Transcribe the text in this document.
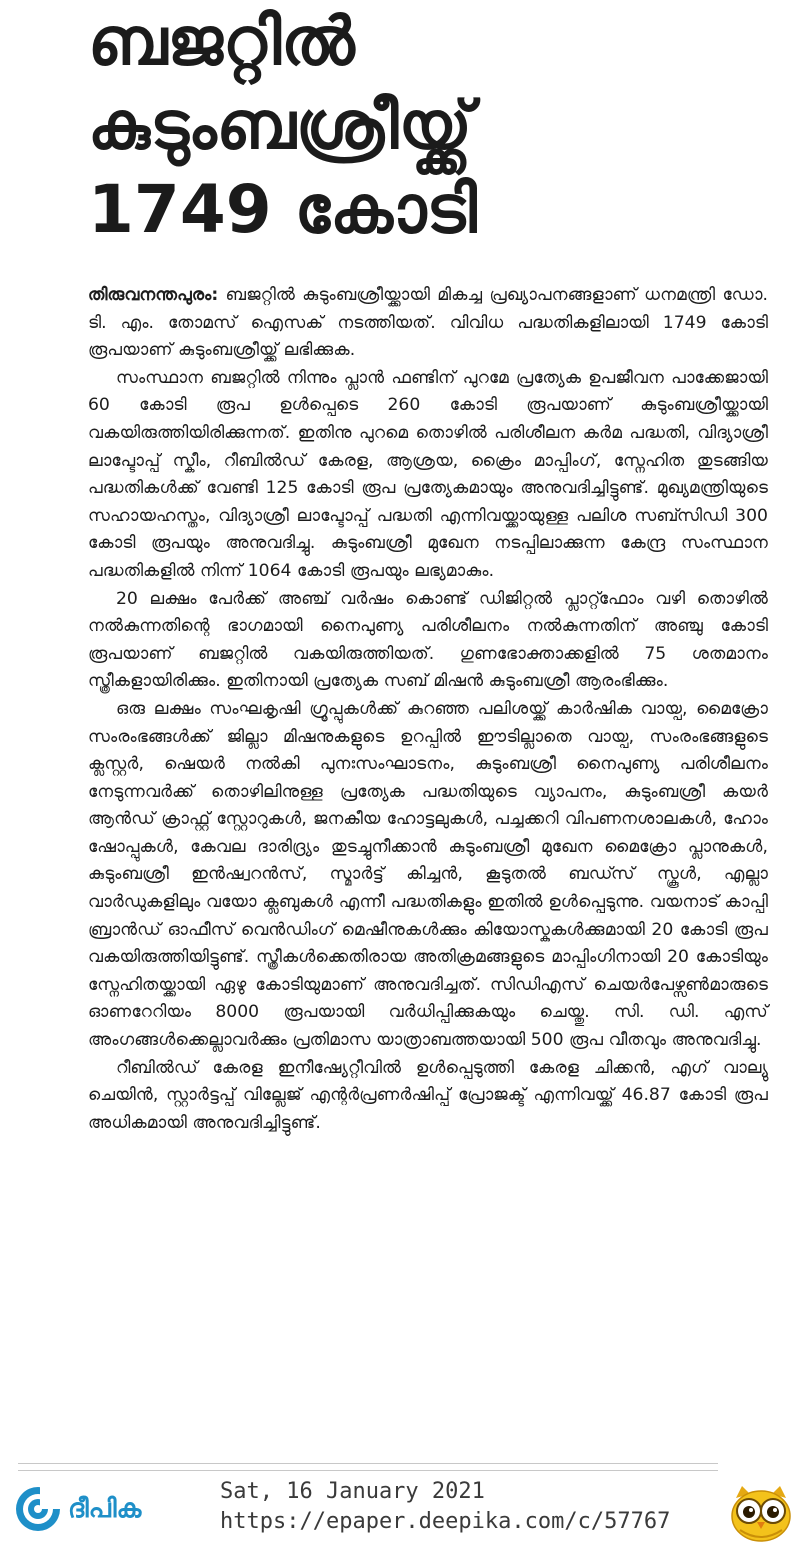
ബജറ്റിൽ
കുടുംബശ്രീയ്ക്ക്
1749 കോടി

തിരുവനന്തപുരം: ബജറ്റിൽ കുടുംബശ്രീയ്ക്കായി മികച്ച പ്രഖ്യാപനങ്ങളാണ് ധനമന്ത്രി ഡോ. ടി. എം. തോമസ് ഐസക് നടത്തിയത്. വിവിധ പദ്ധതികളിലായി 1749 കോടി രൂപയാണ് കുടുംബശ്രീയ്ക്ക് ലഭിക്കുക.

സംസ്ഥാന ബജറ്റിൽ നിന്നും പ്ലാൻ ഫണ്ടിന് പുറമേ പ്രത്യേക ഉപജീവന പാക്കേജായി 60 കോടി രൂപ ഉൾപ്പെടെ 260 കോടി രൂപയാണ് കുടുംബശ്രീയ്ക്കായി വകയിരുത്തിയിരിക്കുന്നത്. ഇതിനു പുറമെ തൊഴിൽ പരിശീലന കർമ പദ്ധതി, വിദ്യാശ്രീ ലാപ്ടോപ്പ് സ്കീം, റീബിൽഡ് കേരള, ആശ്രയ, ക്രൈം മാപ്പിംഗ്, സ്നേഹിത തുടങ്ങിയ പദ്ധതികൾക്ക് വേണ്ടി 125 കോടി രൂപ പ്രത്യേകമായും അനുവദിച്ചിട്ടുണ്ട്. മുഖ്യമന്ത്രിയുടെ സഹായഹസ്തം, വിദ്യാശ്രീ ലാപ്ടോപ്പ് പദ്ധതി എന്നിവയ്ക്കായുള്ള പലിശ സബ്സിഡി 300 കോടി രൂപയും അനുവദിച്ചു. കുടുംബശ്രീ മുഖേന നടപ്പിലാക്കുന്ന കേന്ദ്ര സംസ്ഥാന പദ്ധതികളിൽ നിന്ന് 1064 കോടി രൂപയും ലഭ്യമാകും.

20 ലക്ഷം പേർക്ക് അഞ്ച് വർഷം കൊണ്ട് ഡിജിറ്റൽ പ്ലാറ്റ്ഫോം വഴി തൊഴിൽ നൽകുന്നതിന്റെ ഭാഗമായി നൈപുണ്യ പരിശീലനം നൽകുന്നതിന് അഞ്ചു കോടി രൂപയാണ് ബജറ്റിൽ വകയിരുത്തിയത്. ഗുണഭോക്താക്കളിൽ 75 ശതമാനം സ്ത്രീകളായിരിക്കും. ഇതിനായി പ്രത്യേക സബ് മിഷൻ കുടുംബശ്രീ ആരംഭിക്കും.

ഒരു ലക്ഷം സംഘകൃഷി ഗ്രൂപ്പുകൾക്ക് കുറഞ്ഞ പലിശയ്ക്ക് കാർഷിക വായ്പ, മൈക്രോ സംരംഭങ്ങൾക്ക് ജില്ലാ മിഷനുകളുടെ ഉറപ്പിൽ ഈടില്ലാതെ വായ്പ, സംരംഭങ്ങളുടെ ക്ലസ്റ്റർ, ഷെയർ നൽകി പുനഃസംഘാടനം, കുടുംബശ്രീ നൈപുണ്യ പരിശീലനം നേടുന്നവർക്ക് തൊഴിലിനുള്ള പ്രത്യേക പദ്ധതിയുടെ വ്യാപനം, കുടുംബശ്രീ കയർ ആൻഡ് ക്രാഫ്റ്റ് സ്റ്റോറുകൾ, ജനകീയ ഹോട്ടലുകൾ, പച്ചക്കറി വിപണനശാലകൾ, ഹോം ഷോപ്പുകൾ, കേവല ദാരിദ്ര്യം തുടച്ചുനീക്കാൻ കുടുംബശ്രീ മുഖേന മൈക്രോ പ്ലാനുകൾ, കുടുംബശ്രീ ഇൻഷ്വറൻസ്, സ്മാർട്ട് കിച്ചൻ, കൂടുതൽ ബഡ്സ് സ്കൂൾ, എല്ലാ വാർഡുകളിലും വയോ ക്ലബുകൾ എന്നീ പദ്ധതികളും ഇതിൽ ഉൾപ്പെടുന്നു. വയനാട് കാപ്പി ബ്രാൻഡ് ഓഫീസ് വെൻഡിംഗ് മെഷീനുകൾക്കും കിയോസ്കുകൾക്കുമായി 20 കോടി രൂപ വകയിരുത്തിയിട്ടുണ്ട്. സ്ത്രീകൾക്കെതിരായ അതിക്രമങ്ങളുടെ മാപ്പിംഗിനായി 20 കോടിയും സ്നേഹിതയ്ക്കായി ഏഴു കോടിയുമാണ് അനുവദിച്ചത്. സിഡിഎസ് ചെയർപേഴ്സൺമാരുടെ ഓണറേറിയം 8000 രൂപയായി വർധിപ്പിക്കുകയും ചെയ്തു. സി. ഡി. എസ് അംഗങ്ങൾക്കെല്ലാവർക്കും പ്രതിമാസ യാത്രാബത്തയായി 500 രൂപ വീതവും അനുവദിച്ചു.

റീബിൽഡ് കേരള ഇനീഷ്യേറ്റീവിൽ ഉൾപ്പെടുത്തി കേരള ചിക്കൻ, എഗ് വാല്യു ചെയിൻ, സ്റ്റാർട്ടപ്പ് വില്ലേജ് എന്റർപ്രണർഷിപ്പ് പ്രോജക്ട് എന്നിവയ്ക്ക് 46.87 കോടി രൂപ അധികമായി അനുവദിച്ചിട്ടുണ്ട്.

ദീപിക
Sat, 16 January 2021
https://epaper.deepika.com/c/57767
